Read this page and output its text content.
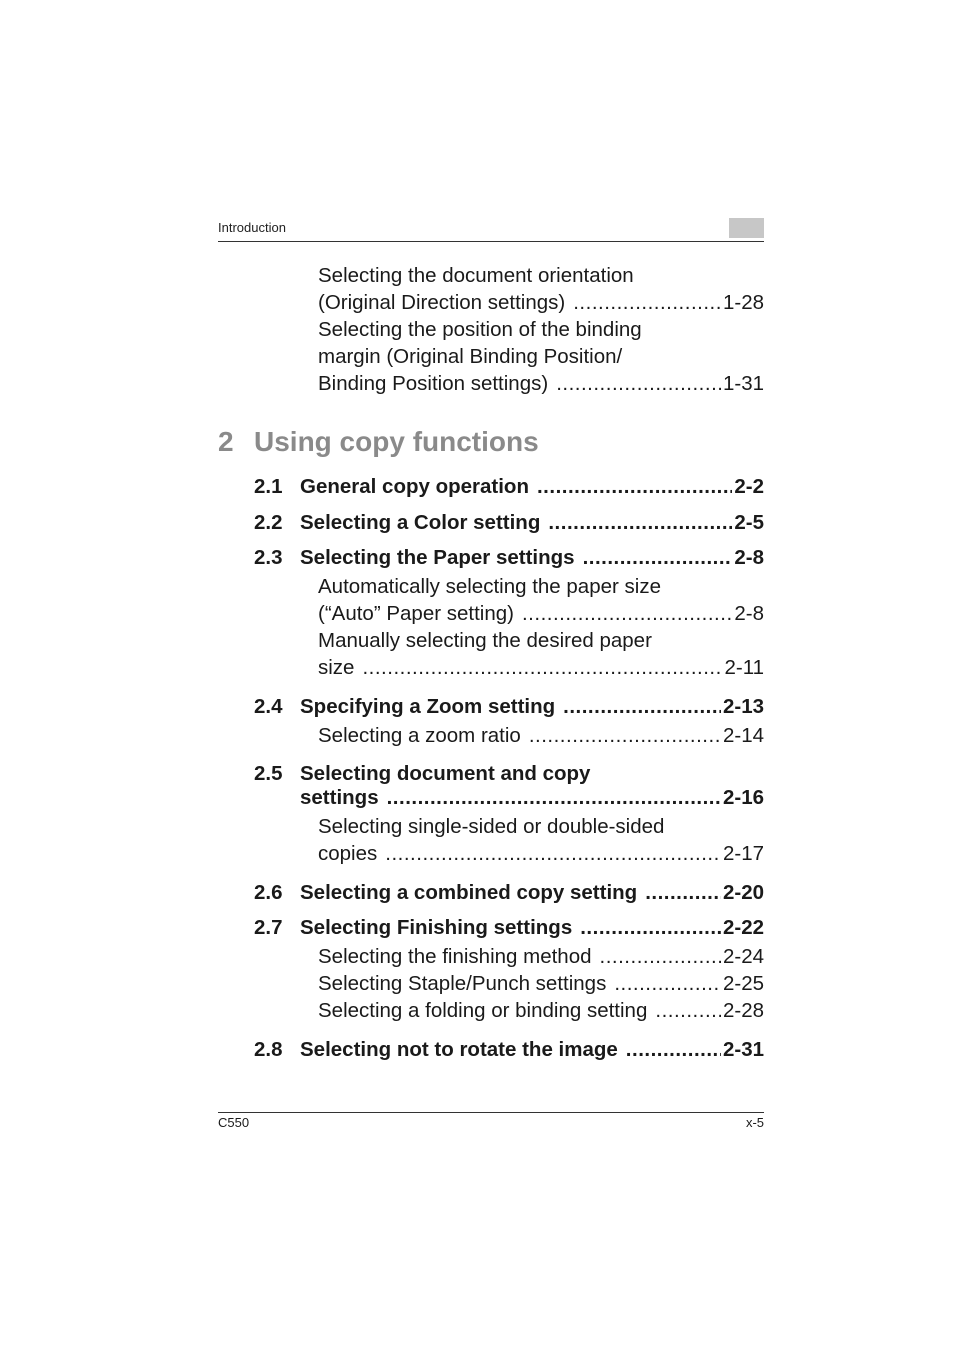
Introduction
Selecting the document orientation
(Original Direction settings) .....	1-28
Selecting the position of the binding
margin (Original Binding Position/
Binding Position settings) .....	1-31
2 Using copy functions
2.1 General copy operation .....	2-2
2.2 Selecting a Color setting .....	2-5
2.3 Selecting the Paper settings .....	2-8
Automatically selecting the paper size
(“Auto” Paper setting) .....	2-8
Manually selecting the desired paper
size .....	2-11
2.4 Specifying a Zoom setting .....	2-13
Selecting a zoom ratio .....	2-14
2.5 Selecting document and copy
settings .....	2-16
Selecting single-sided or double-sided
copies .....	2-17
2.6 Selecting a combined copy setting .....	2-20
2.7 Selecting Finishing settings .....	2-22
Selecting the finishing method .....	2-24
Selecting Staple/Punch settings .....	2-25
Selecting a folding or binding setting .....	2-28
2.8 Selecting not to rotate the image .....	2-31
C550	x-5
